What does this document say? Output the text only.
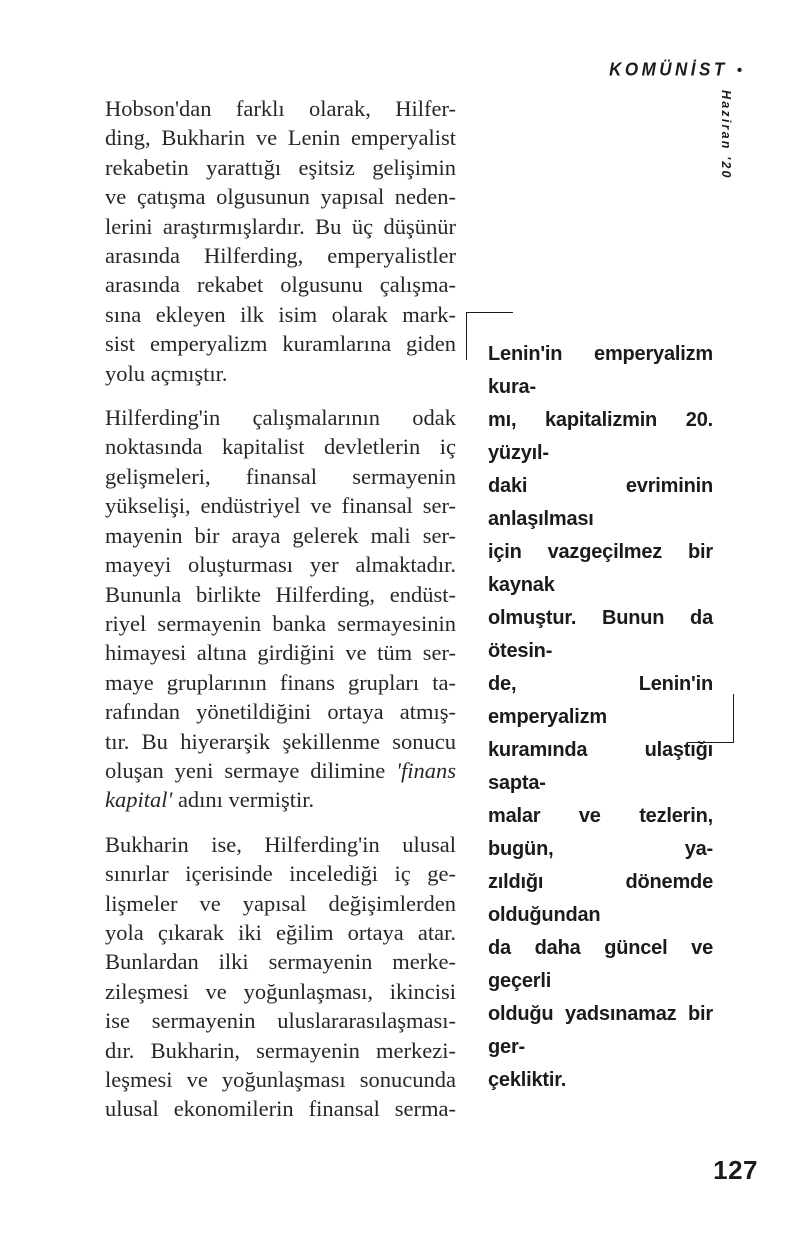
KOMÜNİST •
Haziran '20
Hobson'dan farklı olarak, Hilfer-
ding, Bukharin ve Lenin emperyalist
rekabetin yarattığı eşitsiz gelişimin
ve çatışma olgusunun yapısal neden-
lerini araştırmışlardır. Bu üç düşünür
arasında Hilferding, emperyalistler
arasında rekabet olgusunu çalışma-
sına ekleyen ilk isim olarak mark-
sist emperyalizm kuramlarına giden
yolu açmıştır.
Hilferding'in çalışmalarının odak
noktasında kapitalist devletlerin iç
gelişmeleri, finansal sermayenin
yükselişi, endüstriyel ve finansal ser-
mayenin bir araya gelerek mali ser-
mayeyi oluşturması yer almaktadır.
Bununla birlikte Hilferding, endüst-
riyel sermayenin banka sermayesinin
himayesi altına girdiğini ve tüm ser-
maye gruplarının finans grupları ta-
rafından yönetildiğini ortaya atmış-
tır. Bu hiyerarşik şekillenme sonucu
oluşan yeni sermaye dilimine 'finans
kapital' adını vermiştir.
Bukharin ise, Hilferding'in ulusal
sınırlar içerisinde incelediği iç ge-
lişmeler ve yapısal değişimlerden
yola çıkarak iki eğilim ortaya atar.
Bunlardan ilki sermayenin merke-
zileşmesi ve yoğunlaşması, ikincisi
ise sermayenin uluslararasılaşması-
dır. Bukharin, sermayenin merkezi-
leşmesi ve yoğunlaşması sonucunda
ulusal ekonomilerin finansal serma-
Lenin'in emperyalizm kura-
mı, kapitalizmin 20. yüzyıl-
daki evriminin anlaşılması
için vazgeçilmez bir kaynak
olmuştur. Bunun da ötesin-
de, Lenin'in emperyalizm
kuramında ulaştığı sapta-
malar ve tezlerin, bugün, ya-
zıldığı dönemde olduğundan
da daha güncel ve geçerli
olduğu yadsınamaz bir ger-
çekliktir.
127
